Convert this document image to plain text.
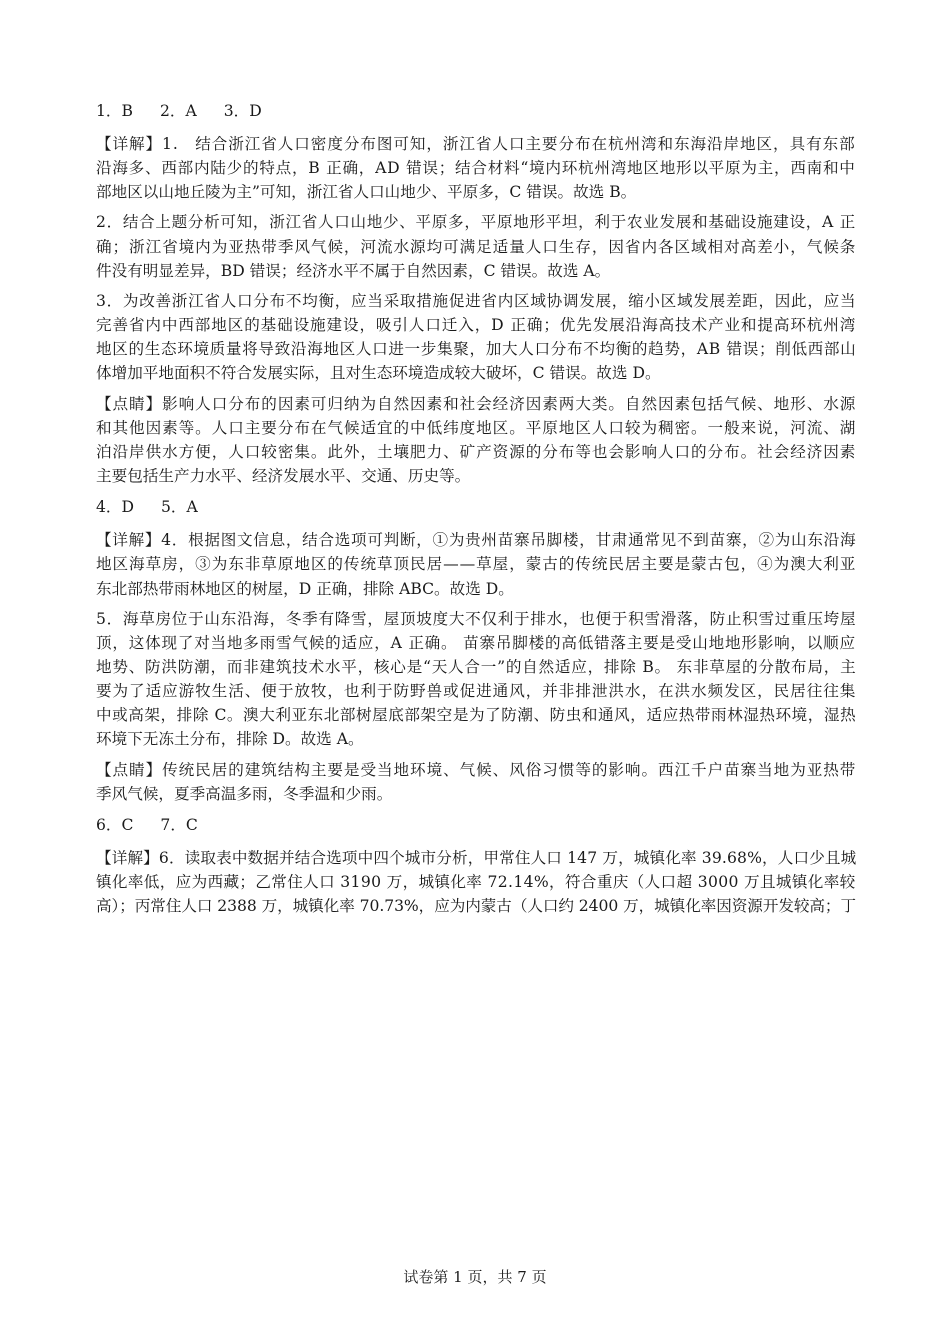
1．B 2．A 3．D
【详解】1.　结合浙江省人口密度分布图可知，浙江省人口主要分布在杭州湾和东海沿岸地区，具有东部
沿海多、西部内陆少的特点，B 正确，AD 错误；结合材料“境内环杭州湾地区地形以平原为主，西南和中
部地区以山地丘陵为主”可知，浙江省人口山地少、平原多，C 错误。故选 B。
2．结合上题分析可知，浙江省人口山地少、平原多，平原地形平坦，利于农业发展和基础设施建设，A 正
确；浙江省境内为亚热带季风气候，河流水源均可满足适量人口生存，因省内各区域相对高差小，气候条
件没有明显差异，BD 错误；经济水平不属于自然因素，C 错误。故选 A。
3．为改善浙江省人口分布不均衡，应当采取措施促进省内区域协调发展，缩小区域发展差距，因此，应当
完善省内中西部地区的基础设施建设，吸引人口迁入，D 正确；优先发展沿海高技术产业和提高环杭州湾
地区的生态环境质量将导致沿海地区人口进一步集聚，加大人口分布不均衡的趋势，AB 错误；削低西部山
体增加平地面积不符合发展实际，且对生态环境造成较大破坏，C 错误。故选 D。
【点睛】影响人口分布的因素可归纳为自然因素和社会经济因素两大类。自然因素包括气候、地形、水源
和其他因素等。人口主要分布在气候适宜的中低纬度地区。平原地区人口较为稠密。一般来说，河流、湖
泊沿岸供水方便，人口较密集。此外，土壤肥力、矿产资源的分布等也会影响人口的分布。社会经济因素
主要包括生产力水平、经济发展水平、交通、历史等。
4．D 5．A
【详解】4．根据图文信息，结合选项可判断，①为贵州苗寨吊脚楼，甘肃通常见不到苗寨，②为山东沿海
地区海草房，③为东非草原地区的传统草顶民居——草屋，蒙古的传统民居主要是蒙古包，④为澳大利亚
东北部热带雨林地区的树屋，D 正确，排除 ABC。故选 D。
5．海草房位于山东沿海，冬季有降雪，屋顶坡度大不仅利于排水，也便于积雪滑落，防止积雪过重压垮屋
顶，这体现了对当地多雨雪气候的适应，A 正确。 苗寨吊脚楼的高低错落主要是受山地地形影响，以顺应
地势、防洪防潮，而非建筑技术水平，核心是“天人合一”的自然适应，排除 B。 东非草屋的分散布局，主
要为了适应游牧生活、便于放牧，也利于防野兽或促进通风，并非排泄洪水，在洪水频发区，民居往往集
中或高架，排除 C。澳大利亚东北部树屋底部架空是为了防潮、防虫和通风，适应热带雨林湿热环境，湿热
环境下无冻土分布，排除 D。故选 A。
【点睛】传统民居的建筑结构主要是受当地环境、气候、风俗习惯等的影响。西江千户苗寨当地为亚热带
季风气候，夏季高温多雨，冬季温和少雨。
6．C 7．C
【详解】6．读取表中数据并结合选项中四个城市分析，甲常住人口 147 万，城镇化率 39.68%，人口少且城
镇化率低，应为西藏；乙常住人口 3190 万，城镇化率 72.14%，符合重庆（人口超 3000 万且城镇化率较
高）；丙常住人口 2388 万，城镇化率 70.73%，应为内蒙古（人口约 2400 万，城镇化率因资源开发较高；丁
试卷第 1 页，共 7 页
